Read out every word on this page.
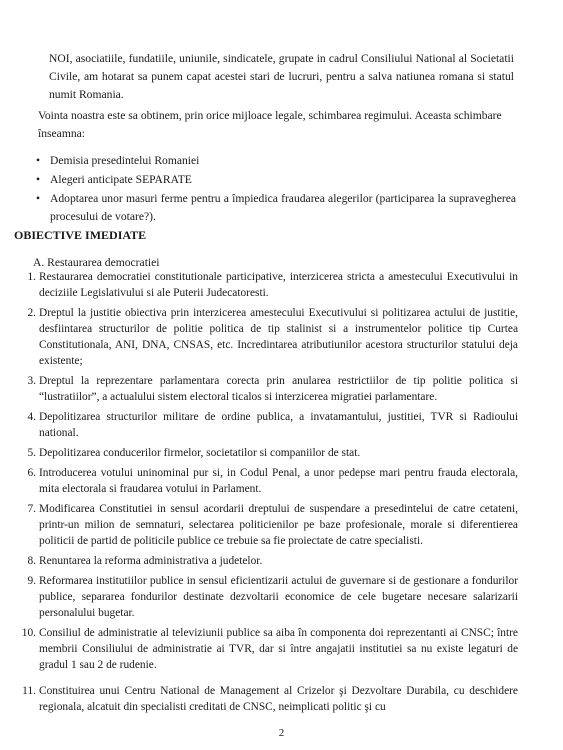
NOI, asociatiile, fundatiile, uniunile, sindicatele, grupate in cadrul Consiliului National al Societatii Civile, am hotarat sa punem capat acestei stari de lucruri, pentru a salva natiunea romana si statul numit Romania.

Vointa noastra este sa obtinem, prin orice mijloace legale, schimbarea regimului. Aceasta schimbare înseamna:

• Demisia presedintelui Romaniei
• Alegeri anticipate SEPARATE
• Adoptarea unor masuri ferme pentru a împiedica fraudarea alegerilor (participarea la supravegherea procesului de votare?).
OBIECTIVE IMEDIATE
A. Restaurarea democratiei
1. Restaurarea democratiei constitutionale participative, interzicerea stricta a amestecului Executivului in deciziile Legislativului si ale Puterii Judecatoresti.
2. Dreptul la justitie obiectiva prin interzicerea amestecului Executivului si politizarea actului de justitie, desfiintarea structurilor de politie politica de tip stalinist si a instrumentelor politice tip Curtea Constitutionala, ANI, DNA, CNSAS, etc. Incredintarea atributiunilor acestora structurilor statului deja existente;
3. Dreptul la reprezentare parlamentara corecta prin anularea restrictiilor de tip politie politica si “lustratiilor”, a actualului sistem electoral ticalos si interzicerea migratiei parlamentare.
4. Depolitizarea structurilor militare de ordine publica, a invatamantului, justitiei, TVR si Radioului national.
5. Depolitizarea conducerilor firmelor, societatilor si companiilor de stat.
6. Introducerea votului uninominal pur si, in Codul Penal, a unor pedepse mari pentru frauda electorala, mita electorala si fraudarea votului in Parlament.
7. Modificarea Constitutiei in sensul acordarii dreptului de suspendare a presedintelui de catre cetateni, printr-un milion de semnaturi, selectarea politicienilor pe baze profesionale, morale si diferentierea politicii de partid de politicile publice ce trebuie sa fie proiectate de catre specialisti.
8. Renuntarea la reforma administrativa a judetelor.
9. Reformarea institutiilor publice in sensul eficientizarii actului de guvernare si de gestionare a fondurilor publice, separarea fondurilor destinate dezvoltarii economice de cele bugetare necesare salarizarii personalului bugetar.
10. Consiliul de administratie al televiziunii publice sa aiba în componenta doi reprezentanti ai CNSC; între membrii Consiliului de administratie ai TVR, dar si între angajatii institutiei sa nu existe legaturi de gradul 1 sau 2 de rudenie.
11. Constituirea unui Centru National de Management al Crizelor şi Dezvoltare Durabila, cu deschidere regionala, alcatuit din specialisti creditati de CNSC, neimplicati politic şi cu
2
